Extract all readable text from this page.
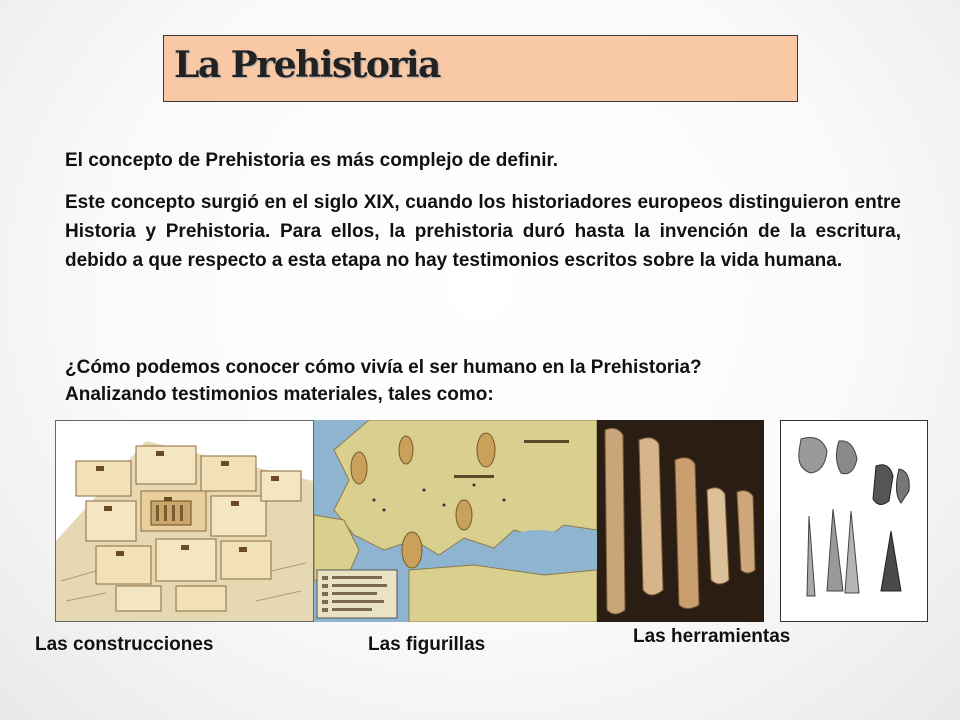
La Prehistoria
El concepto de Prehistoria es más complejo de definir.
Este concepto surgió en el siglo XIX, cuando los historiadores europeos distinguieron entre Historia y Prehistoria. Para ellos, la prehistoria duró hasta la invención de la escritura, debido a que respecto a esta etapa no hay testimonios escritos sobre la vida humana.
¿Cómo podemos conocer cómo vivía el ser humano en la Prehistoria?
Analizando testimonios materiales, tales como:
Las construcciones	Las figurillas	Las herramientas
